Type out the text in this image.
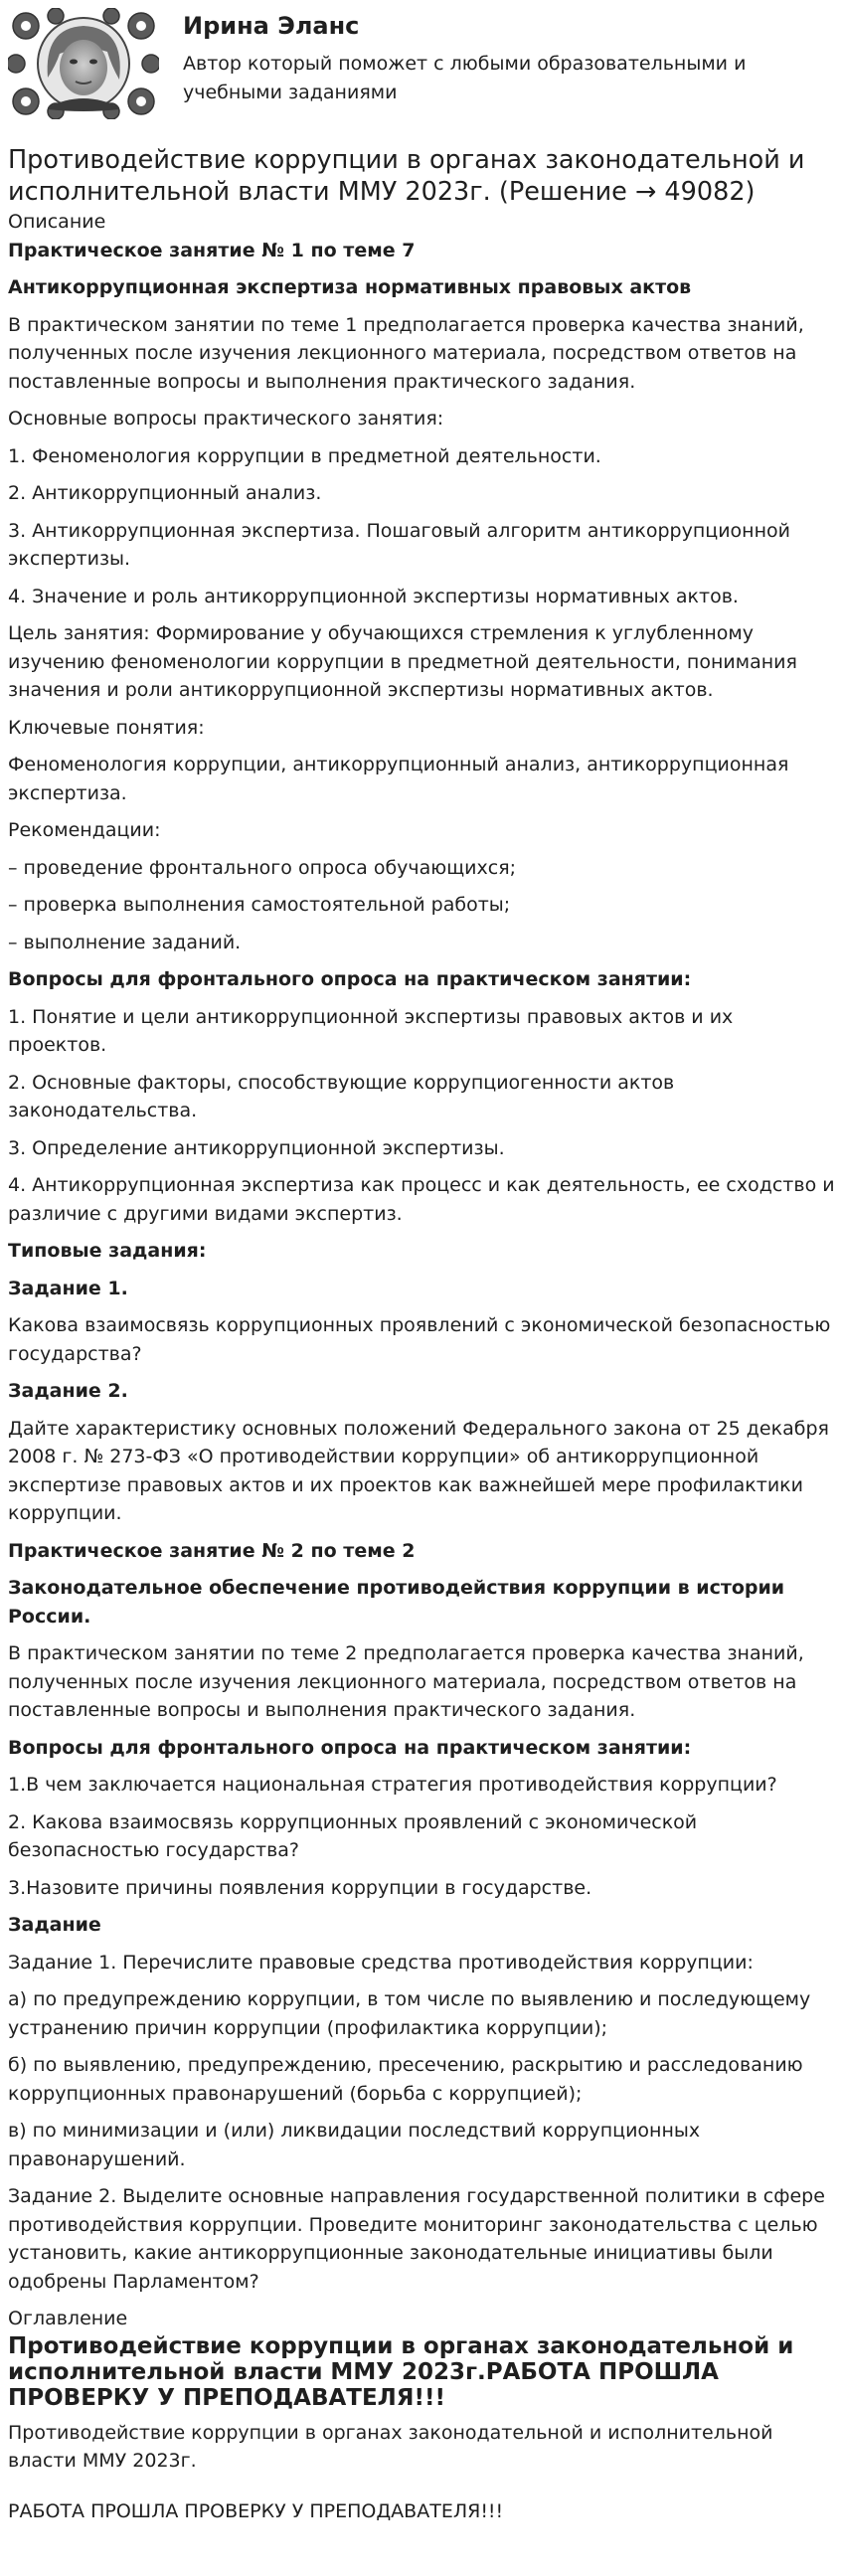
Ирина Эланс
Автор который поможет с любыми образовательными и учебными заданиями
Противодействие коррупции в органах законодательной и исполнительной власти ММУ 2023г. (Решение → 49082)
Описание

Практическое занятие № 1 по теме 7

Антикоррупционная экспертиза нормативных правовых актов

В практическом занятии по теме 1 предполагается проверка качества знаний, полученных после изучения лекционного материала, посредством ответов на поставленные вопросы и выполнения практического задания.

Основные вопросы практического занятия:

1. Феноменология коррупции в предметной деятельности.

2. Антикоррупционный анализ.

3. Антикоррупционная экспертиза. Пошаговый алгоритм антикоррупционной экспертизы.

4. Значение и роль антикоррупционной экспертизы нормативных актов.

Цель занятия: Формирование у обучающихся стремления к углубленному изучению феноменологии коррупции в предметной деятельности, понимания значения и роли антикоррупционной экспертизы нормативных актов.

Ключевые понятия:

Феноменология коррупции, антикоррупционный анализ, антикоррупционная экспертиза.

Рекомендации:

– проведение фронтального опроса обучающихся;

– проверка выполнения самостоятельной работы;

– выполнение заданий.

Вопросы для фронтального опроса на практическом занятии:

1. Понятие и цели антикоррупционной экспертизы правовых актов и их проектов.

2. Основные факторы, способствующие коррупциогенности актов законодательства.

3. Определение антикоррупционной экспертизы.

4. Антикоррупционная экспертиза как процесс и как деятельность, ее сходство и различие с другими видами экспертиз.

Типовые задания:

Задание 1.

Какова взаимосвязь коррупционных проявлений с экономической безопасностью государства?

Задание 2.

Дайте характеристику основных положений Федерального закона от 25 декабря 2008 г. № 273-ФЗ «О противодействии коррупции» об антикоррупционной экспертизе правовых актов и их проектов как важнейшей мере профилактики коррупции.

Практическое занятие № 2 по теме 2

Законодательное обеспечение противодействия коррупции в истории России.

В практическом занятии по теме 2 предполагается проверка качества знаний, полученных после изучения лекционного материала, посредством ответов на поставленные вопросы и выполнения практического задания.

Вопросы для фронтального опроса на практическом занятии:

1.В чем заключается национальная стратегия противодействия коррупции?

2. Какова взаимосвязь коррупционных проявлений с экономической безопасностью государства?

3.Назовите причины появления коррупции в государстве.

Задание

Задание 1. Перечислите правовые средства противодействия коррупции:

а) по предупреждению коррупции, в том числе по выявлению и последующему устранению причин коррупции (профилактика коррупции);

б) по выявлению, предупреждению, пресечению, раскрытию и расследованию коррупционных правонарушений (борьба с коррупцией);

в) по минимизации и (или) ликвидации последствий коррупционных правонарушений.

Задание 2. Выделите основные направления государственной политики в сфере противодействия коррупции. Проведите мониторинг законодательства с целью установить, какие антикоррупционные законодательные инициативы были одобрены Парламентом?

Оглавление
Противодействие коррупции в органах законодательной и исполнительной власти ММУ 2023г.РАБОТА ПРОШЛА ПРОВЕРКУ У ПРЕПОДАВАТЕЛЯ!!!

Противодействие коррупции в органах законодательной и исполнительной власти ММУ 2023г.

РАБОТА ПРОШЛА ПРОВЕРКУ У ПРЕПОДАВАТЕЛЯ!!!
